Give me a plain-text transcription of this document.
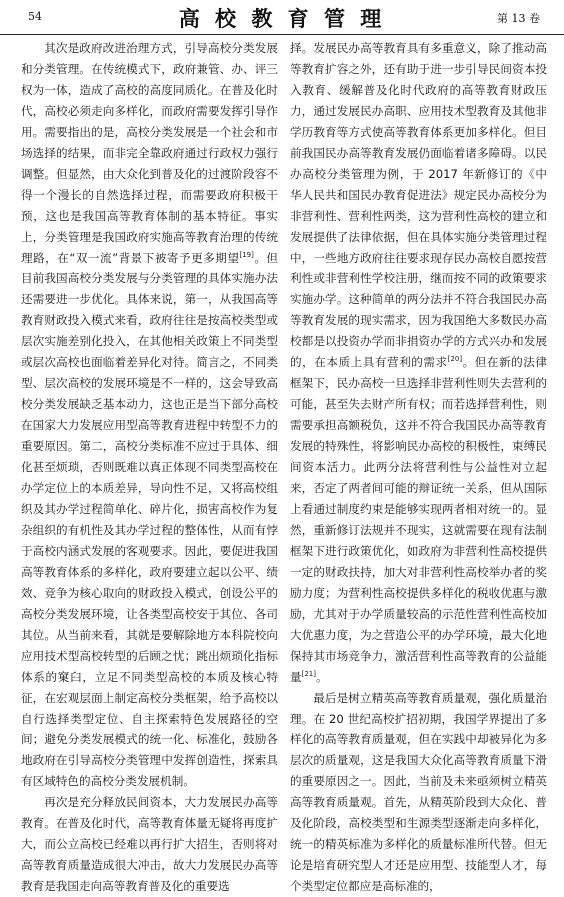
54	高 校 教 育 管 理	第 13 卷

其次是政府改进治理方式，引导高校分类发展和分类管理。在传统模式下，政府兼管、办、评三权为一体，造成了高校的高度同质化。在普及化时代，高校必须走向多样化，而政府需要发挥引导作用。需要指出的是，高校分类发展是一个社会和市场选择的结果，而非完全靠政府通过行政权力强行调整。但显然，由大众化到普及化的过渡阶段容不得一个漫长的自然选择过程，而需要政府积极干预，这也是我国高等教育体制的基本特征。事实上，分类管理是我国政府实施高等教育治理的传统理路，在“双一流”背景下被寄予更多期望[19]。但目前我国高校分类发展与分类管理的具体实施办法还需要进一步优化。具体来说，第一，从我国高等教育财政投入模式来看，政府往往是按高校类型或层次实施差别化投入，在其他相关政策上不同类型或层次高校也面临着差异化对待。简言之，不同类型、层次高校的发展环境是不一样的，这会导致高校分类发展缺乏基本动力，这也正是当下部分高校在国家大力发展应用型高等教育进程中转型不力的重要原因。第二，高校分类标准不应过于具体、细化甚至烦琐，否则既难以真正体现不同类型高校在办学定位上的本质差异，导向性不足，又将高校组织及其办学过程简单化、碎片化，损害高校作为复杂组织的有机性及其办学过程的整体性，从而有悖于高校内涵式发展的客观要求。因此，要促进我国高等教育体系的多样化，政府要建立起以公平、绩效、竞争为核心取向的财政投入模式，创设公平的高校分类发展环境，让各类型高校安于其位、各司其位。从当前来看，其就是要解除地方本科院校向应用技术型高校转型的后顾之忧；跳出烦琐化指标体系的窠臼，立足不同类型高校的本质及核心特征，在宏观层面上制定高校分类框架，给予高校以自行选择类型定位、自主探索特色发展路径的空间；避免分类发展模式的统一化、标准化，鼓励各地政府在引导高校分类管理中发挥创造性，探索具有区域特色的高校分类发展机制。

再次是充分释放民间资本，大力发展民办高等教育。在普及化时代，高等教育体量无疑将再度扩大，而公立高校已经难以再行扩大招生，否则将对高等教育质量造成很大冲击，故大力发展民办高等教育是我国走向高等教育普及化的重要选

择。发展民办高等教育具有多重意义，除了推动高等教育扩容之外，还有助于进一步引导民间资本投入教育、缓解普及化时代政府的高等教育财政压力，通过发展民办高职、应用技术型教育及其他非学历教育等方式使高等教育体系更加多样化。但目前我国民办高等教育发展仍面临着诸多障碍。以民办高校分类管理为例，于 2017 年新修订的《中华人民共和国民办教育促进法》规定民办高校分为非营利性、营利性两类，这为营利性高校的建立和发展提供了法律依据，但在具体实施分类管理过程中，一些地方政府往往要求现存民办高校自愿按营利性或非营利性学校注册，继而按不同的政策要求实施办学。这种简单的两分法并不符合我国民办高等教育发展的现实需求，因为我国绝大多数民办高校都是以投资办学而非捐资办学的方式兴办和发展的，在本质上具有营利的需求[20]。但在新的法律框架下，民办高校一旦选择非营利性则失去营利的可能，甚至失去财产所有权；而若选择营利性，则需要承担高额税负，这并不符合我国民办高等教育发展的特殊性，将影响民办高校的积极性，束缚民间资本活力。此两分法将营利性与公益性对立起来，否定了两者间可能的辩证统一关系，但从国际上看通过制度约束是能够实现两者相对统一的。显然，重新修订法规并不现实，这就需要在现有法制框架下进行政策优化，如政府为非营利性高校提供一定的财政扶持，加大对非营利性高校举办者的奖励力度；为营利性高校提供多样化的税收优惠与激励，尤其对于办学质量较高的示范性营利性高校加大优惠力度，为之营造公平的办学环境，最大化地保持其市场竞争力，激活营利性高等教育的公益能量[21]。

最后是树立精英高等教育质量观，强化质量治理。在 20 世纪高校扩招初期，我国学界提出了多样化的高等教育质量观，但在实践中却被异化为多层次的质量观，这是我国大众化高等教育质量下滑的重要原因之一。因此，当前及未来亟须树立精英高等教育质量观。首先，从精英阶段到大众化、普及化阶段，高校类型和生源类型逐渐走向多样化，统一的精英标准为多样化的质量标准所代替。但无论是培育研究型人才还是应用型、技能型人才，每个类型定位都应是高标准的，
